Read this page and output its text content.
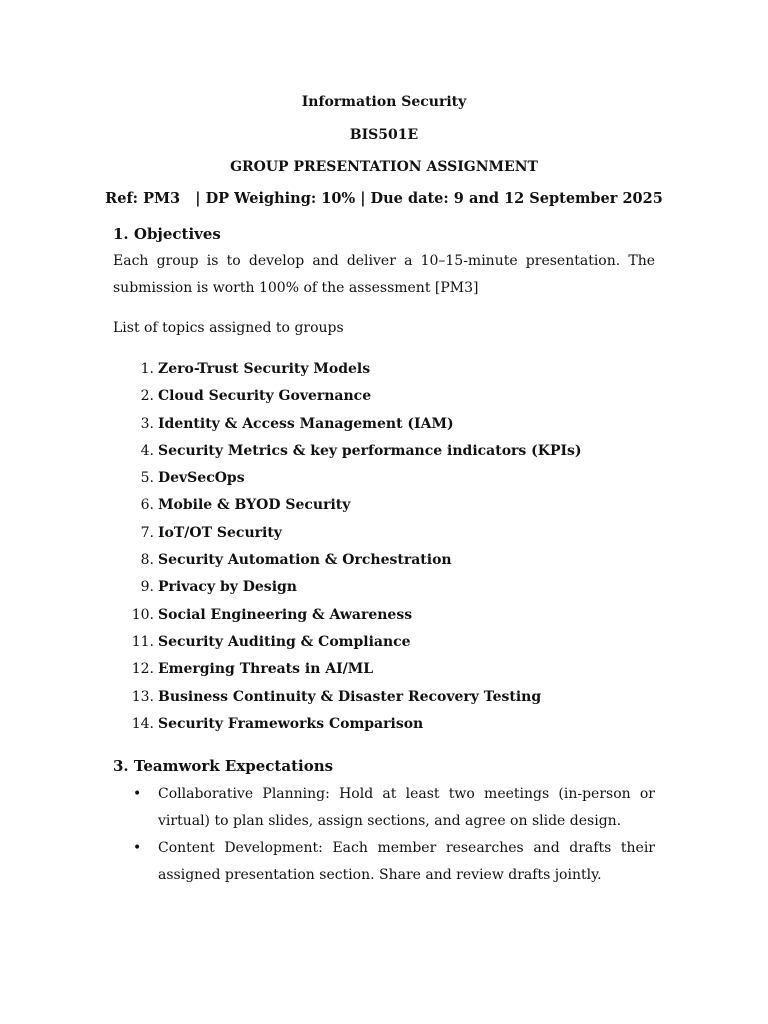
Information Security
BIS501E
GROUP PRESENTATION ASSIGNMENT
Ref: PM3   | DP Weighing: 10% | Due date: 9 and 12 September 2025
1. Objectives
Each group is to develop and deliver a 10–15-minute presentation. The submission is worth 100% of the assessment [PM3]
List of topics assigned to groups
1. Zero-Trust Security Models
2. Cloud Security Governance
3. Identity & Access Management (IAM)
4. Security Metrics & key performance indicators (KPIs)
5. DevSecOps
6. Mobile & BYOD Security
7. IoT/OT Security
8. Security Automation & Orchestration
9. Privacy by Design
10. Social Engineering & Awareness
11. Security Auditing & Compliance
12. Emerging Threats in AI/ML
13. Business Continuity & Disaster Recovery Testing
14. Security Frameworks Comparison
3. Teamwork Expectations
• Collaborative Planning: Hold at least two meetings (in-person or virtual) to plan slides, assign sections, and agree on slide design.
• Content Development: Each member researches and drafts their assigned presentation section. Share and review drafts jointly.
